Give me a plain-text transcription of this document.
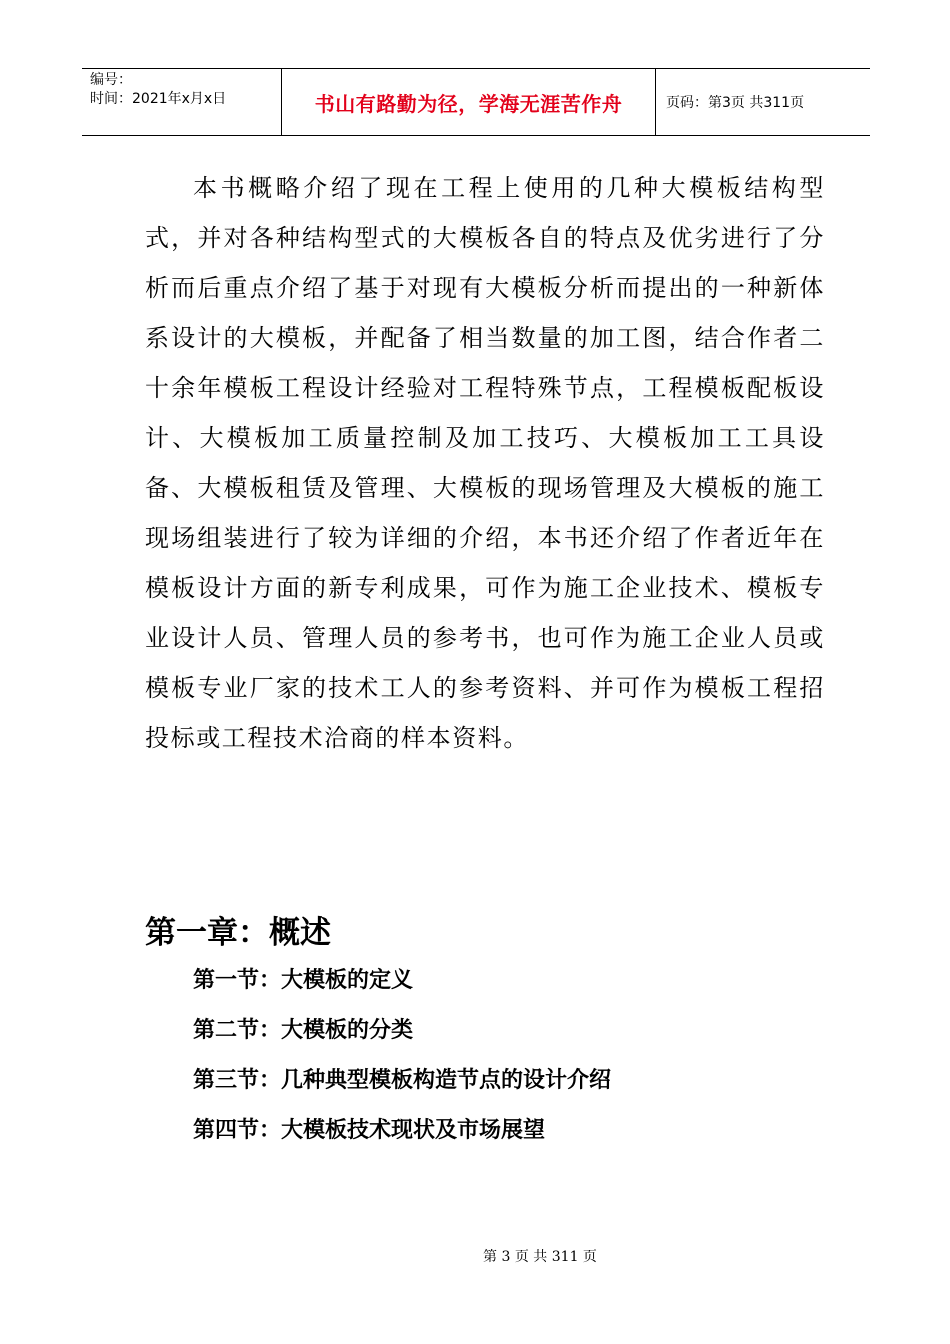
编号：
时间：2021年x月x日	书山有路勤为径，学海无涯苦作舟	页码：第3页 共311页

本书概略介绍了现在工程上使用的几种大模板结构型式，并对各种结构型式的大模板各自的特点及优劣进行了分析而后重点介绍了基于对现有大模板分析而提出的一种新体系设计的大模板，并配备了相当数量的加工图，结合作者二十余年模板工程设计经验对工程特殊节点，工程模板配板设计、大模板加工质量控制及加工技巧、大模板加工工具设备、大模板租赁及管理、大模板的现场管理及大模板的施工现场组装进行了较为详细的介绍，本书还介绍了作者近年在模板设计方面的新专利成果，可作为施工企业技术、模板专业设计人员、管理人员的参考书，也可作为施工企业人员或模板专业厂家的技术工人的参考资料、并可作为模板工程招投标或工程技术洽商的样本资料。

第一章：概述
第一节：大模板的定义
第二节：大模板的分类
第三节：几种典型模板构造节点的设计介绍
第四节：大模板技术现状及市场展望
第 3 页 共 311 页
